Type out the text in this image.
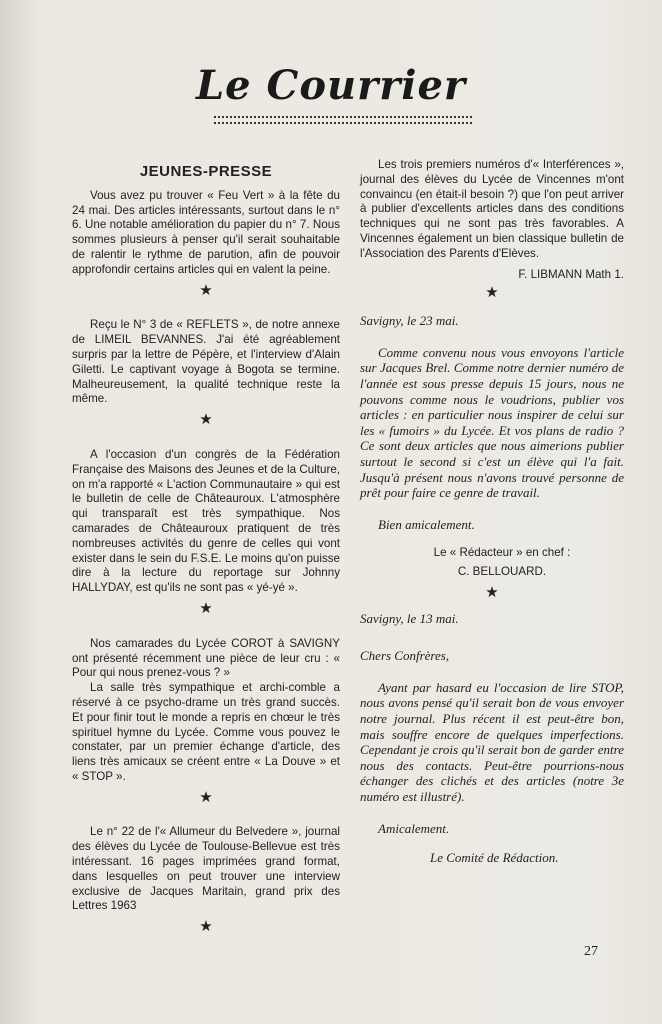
Le Courrier
JEUNES-PRESSE

Vous avez pu trouver « Feu Vert » à la fête du 24 mai. Des articles intéressants, surtout dans le n° 6. Une notable amélioration du papier du n° 7. Nous sommes plusieurs à penser qu'il serait souhaitable de ralentir le rythme de parution, afin de pouvoir approfondir certains articles qui en valent la peine.

★

Reçu le N° 3 de « REFLETS », de notre annexe de LIMEIL BEVANNES. J'ai été agréablement surpris par la lettre de Pépère, et l'interview d'Alain Giletti. Le captivant voyage à Bogota se termine. Malheureusement, la qualité technique reste la même.

★

A l'occasion d'un congrès de la Fédération Française des Maisons des Jeunes et de la Culture, on m'a rapporté « L'action Communautaire » qui est le bulletin de celle de Châteauroux. L'atmosphère qui transparaît est très sympathique. Nos camarades de Châteauroux pratiquent de très nombreuses activités du genre de celles qui vont exister dans le sein du F.S.E. Le moins qu'on puisse dire à la lecture du reportage sur Johnny HALLYDAY, est qu'ils ne sont pas « yé-yé ».

★

Nos camarades du Lycée COROT à SAVIGNY ont présenté récemment une pièce de leur cru : « Pour qui nous prenez-vous ? »

La salle très sympathique et archi-comble a réservé à ce psycho-drame un très grand succès. Et pour finir tout le monde a repris en chœur le très spirituel hymne du Lycée. Comme vous pouvez le constater, par un premier échange d'article, des liens très amicaux se créent entre « La Douve » et « STOP ».

★

Le n° 22 de l'« Allumeur du Belvedere », journal des élèves du Lycée de Toulouse-Bellevue est très intéressant. 16 pages imprimées grand format, dans lesquelles on peut trouver une interview exclusive de Jacques Maritain, grand prix des Lettres 1963

★

Les trois premiers numéros d'« Interférences », journal des élèves du Lycée de Vincennes m'ont convaincu (en était-il besoin ?) que l'on peut arriver à publier d'excellents articles dans des conditions techniques qui ne sont pas très favorables. A Vincennes également un bien classique bulletin de l'Association des Parents d'Elèves.

F. LIBMANN Math 1.

★

Savigny, le 23 mai.

Comme convenu nous vous envoyons l'article sur Jacques Brel. Comme notre dernier numéro de l'année est sous presse depuis 15 jours, nous ne pouvons comme nous le voudrions, publier vos articles : en particulier nous inspirer de celui sur les « fumoirs » du Lycée. Et vos plans de radio ? Ce sont deux articles que nous aimerions publier surtout le second si c'est un élève qui l'a fait. Jusqu'à présent nous n'avons trouvé personne de prêt pour faire ce genre de travail.

Bien amicalement.

Le « Rédacteur » en chef :

C. BELLOUARD.

★

Savigny, le 13 mai.

Chers Confrères,

Ayant par hasard eu l'occasion de lire STOP, nous avons pensé qu'il serait bon de vous envoyer notre journal. Plus récent il est peut-être bon, mais souffre encore de quelques imperfections. Cependant je crois qu'il serait bon de garder entre nous des contacts. Peut-être pourrions-nous échanger des clichés et des articles (notre 3e numéro est illustré).

Amicalement.

Le Comité de Rédaction.

27
